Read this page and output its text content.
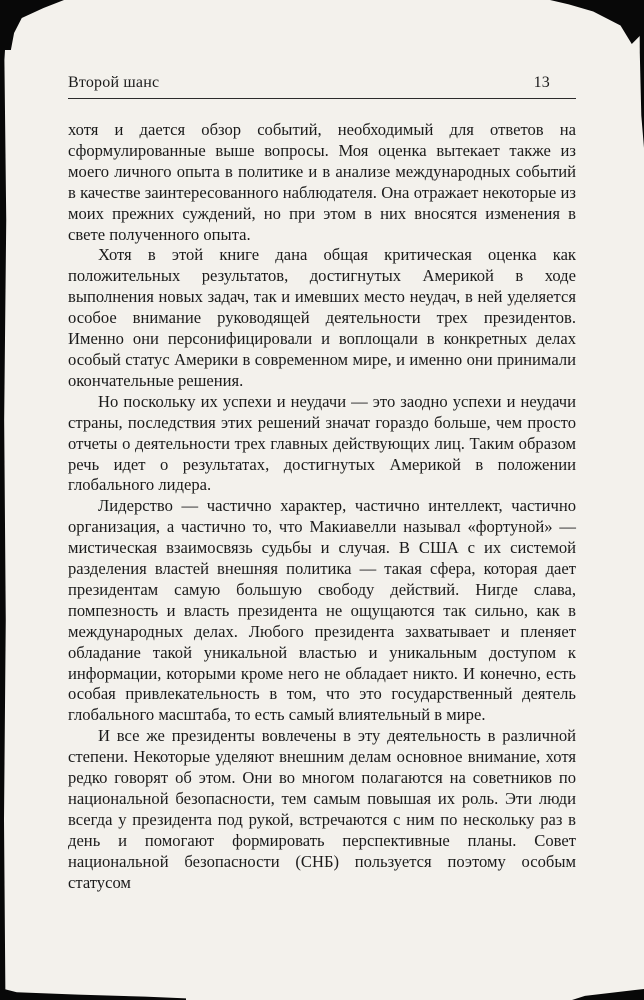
Второй шанс	13

хотя и дается обзор событий, необходимый для ответов на сформулированные выше вопросы. Моя оценка вытекает также из моего личного опыта в политике и в анализе международных событий в качестве заинтересованного наблюдателя. Она отражает некоторые из моих прежних суждений, но при этом в них вносятся изменения в свете полученного опыта.

Хотя в этой книге дана общая критическая оценка как положительных результатов, достигнутых Америкой в ходе выполнения новых задач, так и имевших место неудач, в ней уделяется особое внимание руководящей деятельности трех президентов. Именно они персонифицировали и воплощали в конкретных делах особый статус Америки в современном мире, и именно они принимали окончательные решения.

Но поскольку их успехи и неудачи — это заодно успехи и неудачи страны, последствия этих решений значат гораздо больше, чем просто отчеты о деятельности трех главных действующих лиц. Таким образом речь идет о результатах, достигнутых Америкой в положении глобального лидера.

Лидерство — частично характер, частично интеллект, частично организация, а частично то, что Макиавелли называл «фортуной» — мистическая взаимосвязь судьбы и случая. В США с их системой разделения властей внешняя политика — такая сфера, которая дает президентам самую большую свободу действий. Нигде слава, помпезность и власть президента не ощущаются так сильно, как в международных делах. Любого президента захватывает и пленяет обладание такой уникальной властью и уникальным доступом к информации, которыми кроме него не обладает никто. И конечно, есть особая привлекательность в том, что это государственный деятель глобального масштаба, то есть самый влиятельный в мире.

И все же президенты вовлечены в эту деятельность в различной степени. Некоторые уделяют внешним делам основное внимание, хотя редко говорят об этом. Они во многом полагаются на советников по национальной безопасности, тем самым повышая их роль. Эти люди всегда у президента под рукой, встречаются с ним по нескольку раз в день и помогают формировать перспективные планы. Совет национальной безопасности (СНБ) пользуется поэтому особым статусом
